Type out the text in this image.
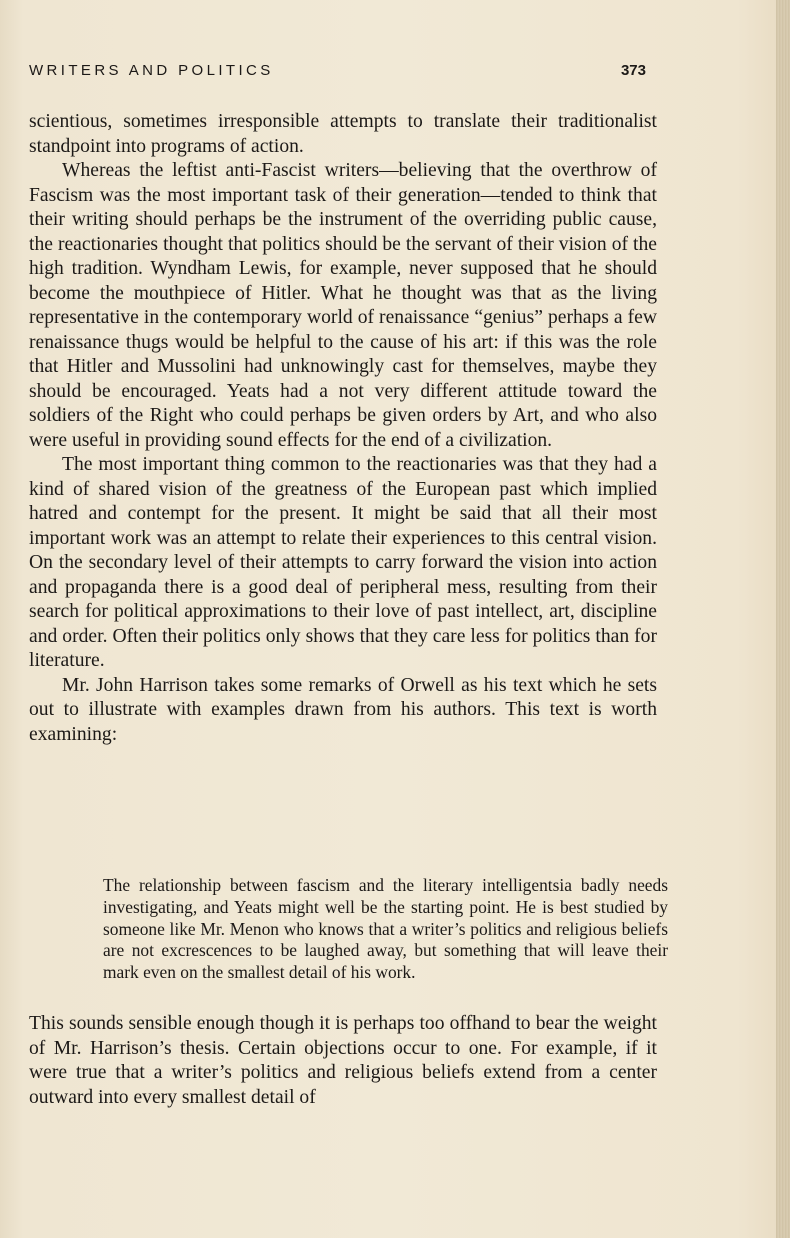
WRITERS AND POLITICS	373

scientious, sometimes irresponsible attempts to translate their traditionalist standpoint into programs of action.

Whereas the leftist anti-Fascist writers—believing that the overthrow of Fascism was the most important task of their generation—tended to think that their writing should perhaps be the instrument of the overriding public cause, the reactionaries thought that politics should be the servant of their vision of the high tradition. Wyndham Lewis, for example, never supposed that he should become the mouthpiece of Hitler. What he thought was that as the living representative in the contemporary world of renaissance “genius” perhaps a few renaissance thugs would be helpful to the cause of his art: if this was the role that Hitler and Mussolini had unknowingly cast for themselves, maybe they should be encouraged. Yeats had a not very different attitude toward the soldiers of the Right who could perhaps be given orders by Art, and who also were useful in providing sound effects for the end of a civilization.

The most important thing common to the reactionaries was that they had a kind of shared vision of the greatness of the European past which implied hatred and contempt for the present. It might be said that all their most important work was an attempt to relate their experiences to this central vision. On the secondary level of their attempts to carry forward the vision into action and propaganda there is a good deal of peripheral mess, resulting from their search for political approximations to their love of past intellect, art, discipline and order. Often their politics only shows that they care less for politics than for literature.

Mr. John Harrison takes some remarks of Orwell as his text which he sets out to illustrate with examples drawn from his authors. This text is worth examining:

The relationship between fascism and the literary intelligentsia badly needs investigating, and Yeats might well be the starting point. He is best studied by someone like Mr. Menon who knows that a writer’s politics and religious beliefs are not excrescences to be laughed away, but something that will leave their mark even on the smallest detail of his work.

This sounds sensible enough though it is perhaps too offhand to bear the weight of Mr. Harrison’s thesis. Certain objections occur to one. For example, if it were true that a writer’s politics and religious beliefs extend from a center outward into every smallest detail of
